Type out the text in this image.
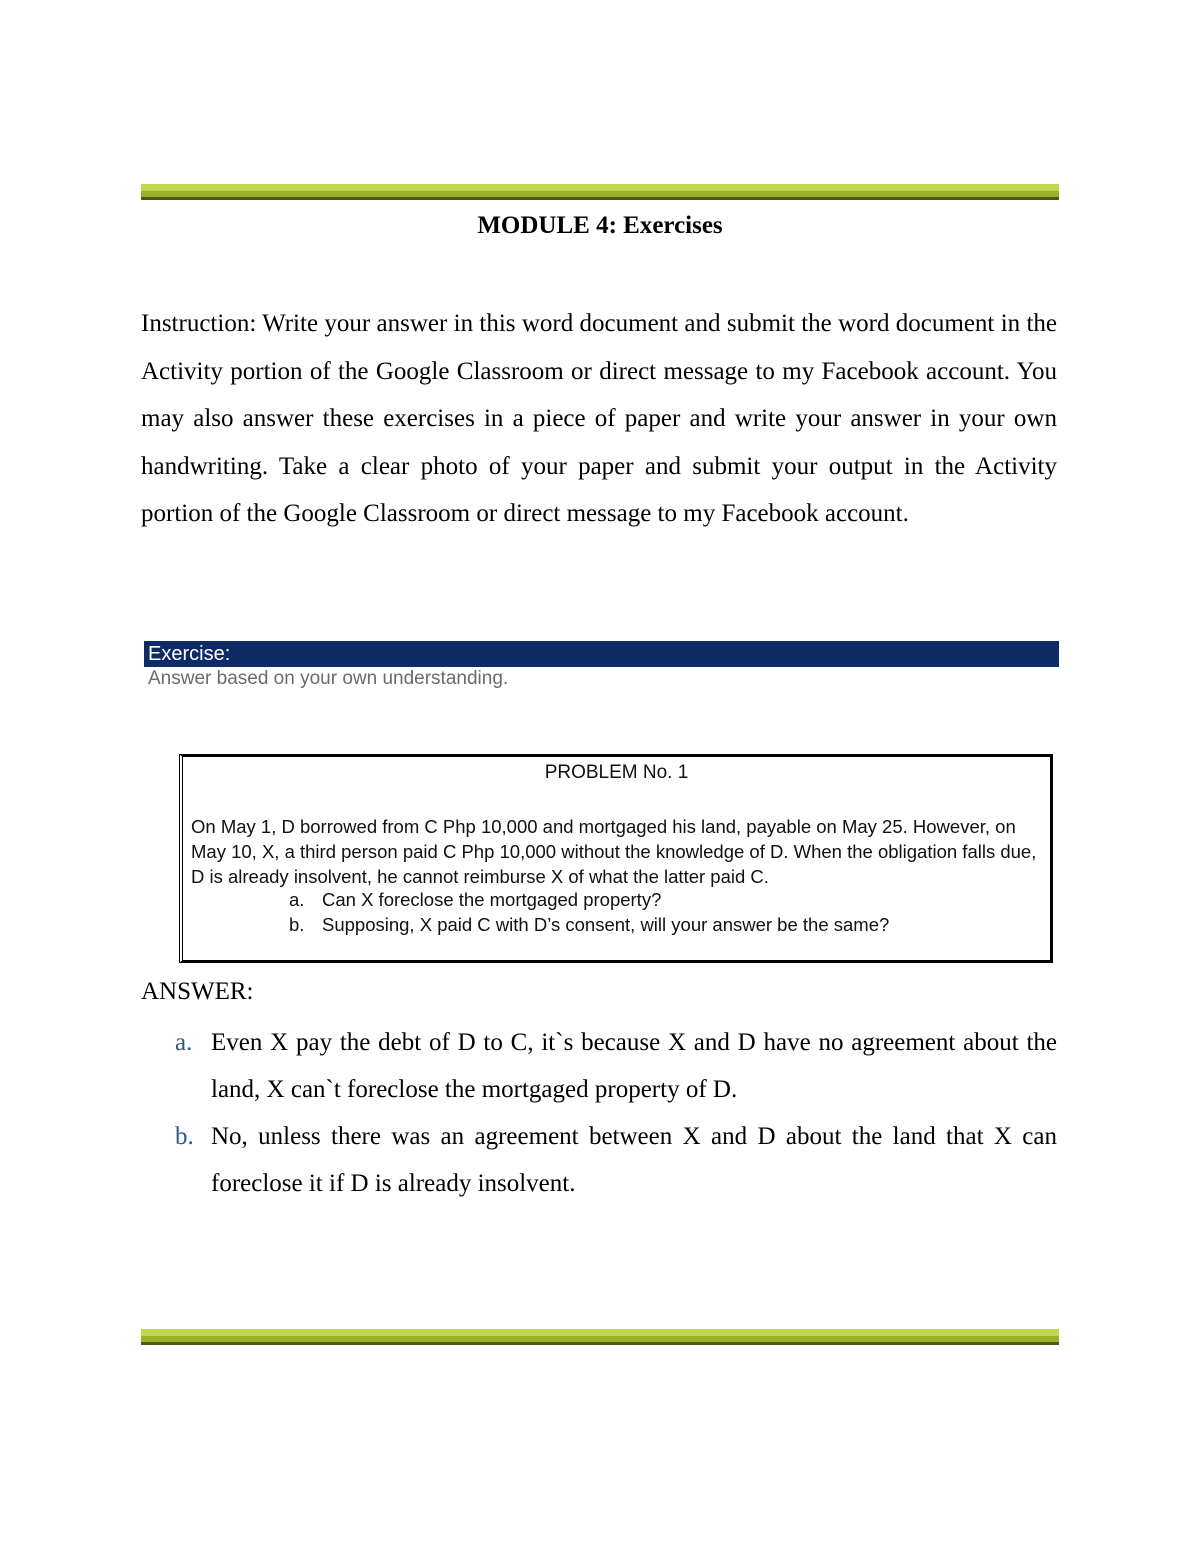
MODULE 4: Exercises
Instruction: Write your answer in this word document and submit the word document in the Activity portion of the Google Classroom or direct message to my Facebook account. You may also answer these exercises in a piece of paper and write your answer in your own handwriting. Take a clear photo of your paper and submit your output in the Activity portion of the Google Classroom or direct message to my Facebook account.
Exercise:
Answer based on your own understanding.
PROBLEM No. 1
On May 1, D borrowed from C Php 10,000 and mortgaged his land, payable on May 25. However, on May 10, X, a third person paid C Php 10,000 without the knowledge of D. When the obligation falls due, D is already insolvent, he cannot reimburse X of what the latter paid C.
a. Can X foreclose the mortgaged property?
b. Supposing, X paid C with D’s consent, will your answer be the same?
ANSWER:
a. Even X pay the debt of D to C, it`s because X and D have no agreement about the land, X can`t foreclose the mortgaged property of D.
b. No, unless there was an agreement between X and D about the land that X can foreclose it if D is already insolvent.
